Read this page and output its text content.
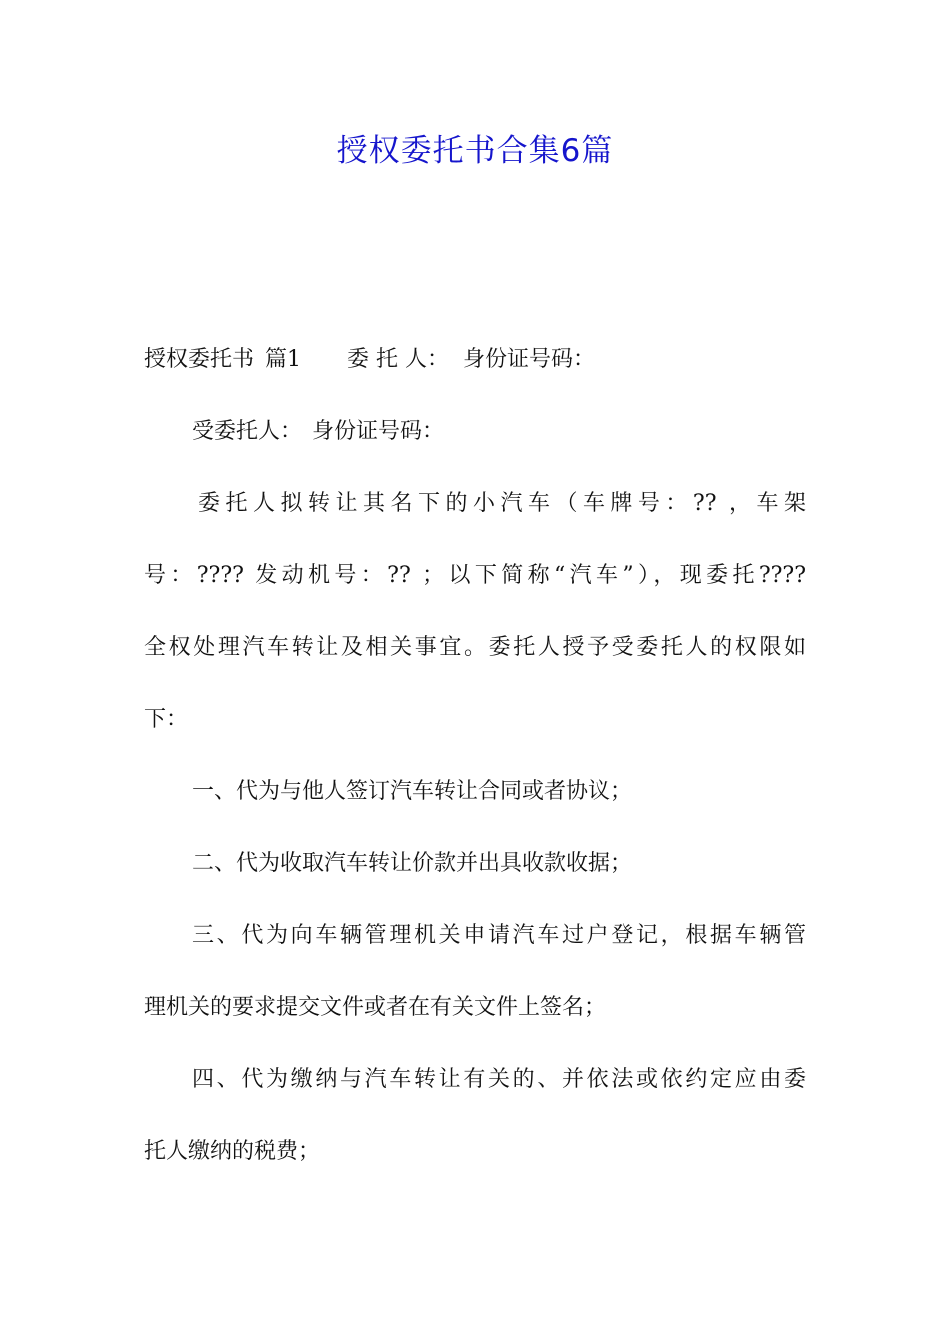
授权委托书合集6篇
授权委托书 篇1 委 托 人： 身份证号码：
受委托人： 身份证号码：
委托人拟转让其名下的小汽车（车牌号：?? ，车架
号：???? 发动机号：?? ；以下简称“汽车”），现委托????
全权处理汽车转让及相关事宜。委托人授予受委托人的权限如
下：
一、代为与他人签订汽车转让合同或者协议；
二、代为收取汽车转让价款并出具收款收据；
三、代为向车辆管理机关申请汽车过户登记，根据车辆管
理机关的要求提交文件或者在有关文件上签名；
四、代为缴纳与汽车转让有关的、并依法或依约定应由委
托人缴纳的税费；
